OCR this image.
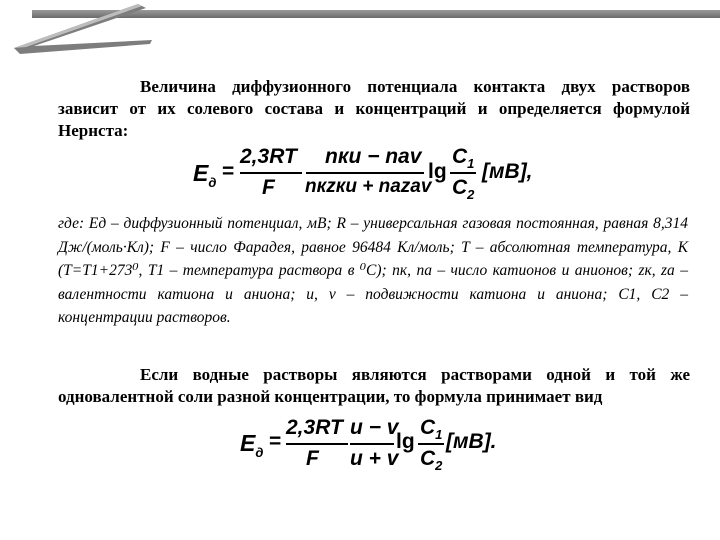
Величина диффузионного потенциала контакта двух растворов зависит от их солевого состава и концентраций и определяется формулой Нернста:
$E_д$ =
2,3RT
F
nкu − nаv
nкzкu + nаzаv
lg
$C_1$
$C_2$
[мВ],
где: Eд – диффузионный потенциал, мВ; R – универсальная газовая постоянная, равная 8,314 Дж/(моль·Кл); F – число Фарадея, равное 96484 Кл/моль; T – абсолютная температура, К (Т=Т1+273⁰, Т1 – температура раствора в ⁰С); nк, nа – число катионов и анионов; zк, zа – валентности катиона и аниона; u, v – подвижности катиона и аниона; C1, C2 – концентрации растворов.
Если водные растворы являются растворами одной и той же одновалентной соли разной концентрации, то формула принимает вид
$E_д$ =
2,3RT
F
u − v
u + v
lg
$C_1$
$C_2$
[мВ].
